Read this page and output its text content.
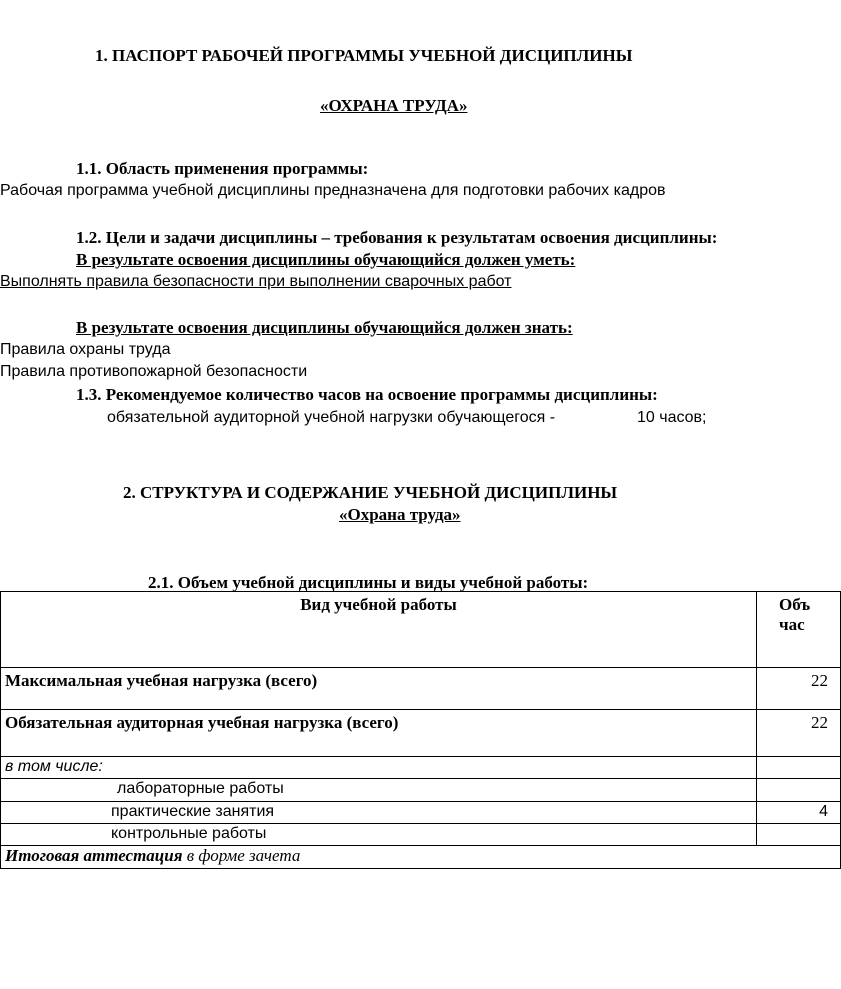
1. ПАСПОРТ РАБОЧЕЙ ПРОГРАММЫ УЧЕБНОЙ ДИСЦИПЛИНЫ
«ОХРАНА ТРУДА»
1.1. Область применения программы:
Рабочая программа учебной дисциплины предназначена для подготовки рабочих кадров
1.2. Цели и задачи дисциплины – требования к результатам освоения дисциплины:
В результате освоения дисциплины обучающийся должен уметь:
Выполнять правила безопасности при выполнении сварочных работ
В результате освоения дисциплины обучающийся должен знать:
Правила охраны труда
Правила противопожарной безопасности
1.3. Рекомендуемое количество часов на освоение программы дисциплины:
обязательной аудиторной учебной нагрузки обучающегося -	10 часов;
2. СТРУКТУРА И СОДЕРЖАНИЕ УЧЕБНОЙ ДИСЦИПЛИНЫ
«Охрана труда»
2.1. Объем учебной дисциплины и виды учебной работы:
Вид учебной работы	Объ
час

Максимальная учебная нагрузка (всего)	22
Обязательная аудиторная учебная нагрузка (всего)	22
в том числе:	
лабораторные работы	
практические занятия	4
контрольные работы	
Итоговая аттестация в форме зачета	
